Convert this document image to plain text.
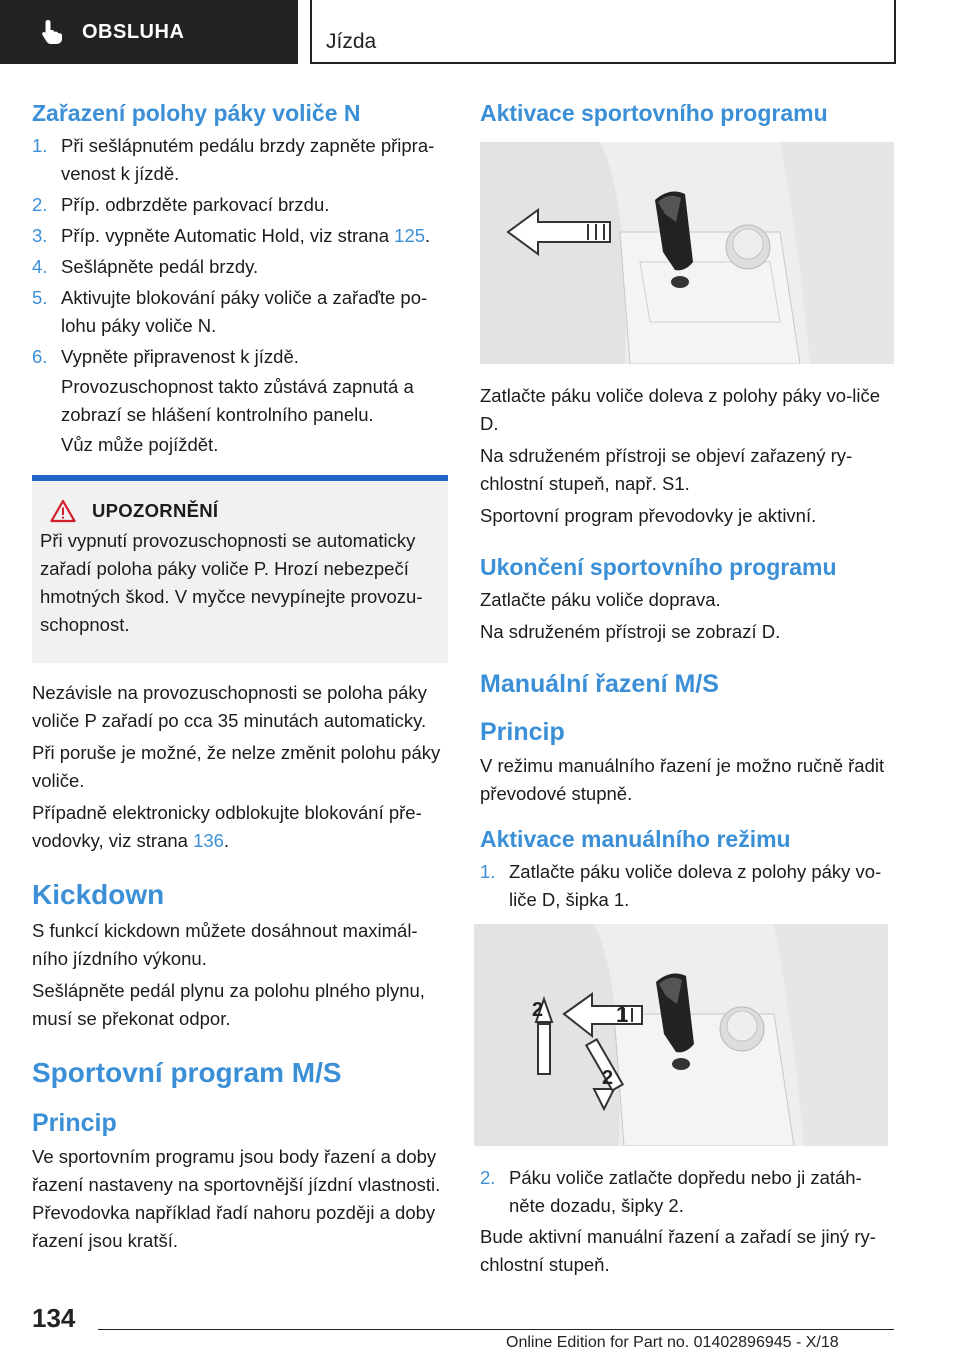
OBSLUHA	Jízda
Zařazení polohy páky voliče N
1. Při sešlápnutém pedálu brzdy zapněte připra-venost k jízdě.
2. Příp. odbrzděte parkovací brzdu.
3. Příp. vypněte Automatic Hold, viz strana 125.
4. Sešlápněte pedál brzdy.
5. Aktivujte blokování páky voliče a zařaďte po-lohu páky voliče N.
6. Vypněte připravenost k jízdě.
Provozuschopnost takto zůstává zapnutá a zobrazí se hlášení kontrolního panelu.
Vůz může pojíždět.
UPOZORNĚNÍ

Při vypnutí provozuschopnosti se automaticky zařadí poloha páky voliče P. Hrozí nebezpečí hmotných škod. V myčce nevypínejte provozu-schopnost.

Nezávisle na provozuschopnosti se poloha páky voliče P zařadí po cca 35 minutách automaticky.

Při poruše je možné, že nelze změnit polohu páky voliče.

Případně elektronicky odblokujte blokování pře-vodovky, viz strana 136.

Kickdown

S funkcí kickdown můžete dosáhnout maximál-ního jízdního výkonu.

Sešlápněte pedál plynu za polohu plného plynu, musí se překonat odpor.

Sportovní program M/S
Princip

Ve sportovním programu jsou body řazení a doby řazení nastaveny na sportovnější jízdní vlastnosti. Převodovka například řadí nahoru později a doby řazení jsou kratší.

Aktivace sportovního programu

Zatlačte páku voliče doleva z polohy páky vo-liče D.

Na sdruženém přístroji se objeví zařazený ry-chlostní stupeň, např. S1.

Sportovní program převodovky je aktivní.

Ukončení sportovního programu

Zatlačte páku voliče doprava.

Na sdruženém přístroji se zobrazí D.

Manuální řazení M/S
Princip

V režimu manuálního řazení je možno ručně řadit převodové stupně.

Aktivace manuálního režimu
1. Zatlačte páku voliče doleva z polohy páky vo-liče D, šipka 1.
2	1
2
2. Páku voliče zatlačte dopředu nebo ji zatáh-něte dozadu, šipky 2.

Bude aktivní manuální řazení a zařadí se jiný ry-chlostní stupeň.

134
Online Edition for Part no. 01402896945 - X/18
